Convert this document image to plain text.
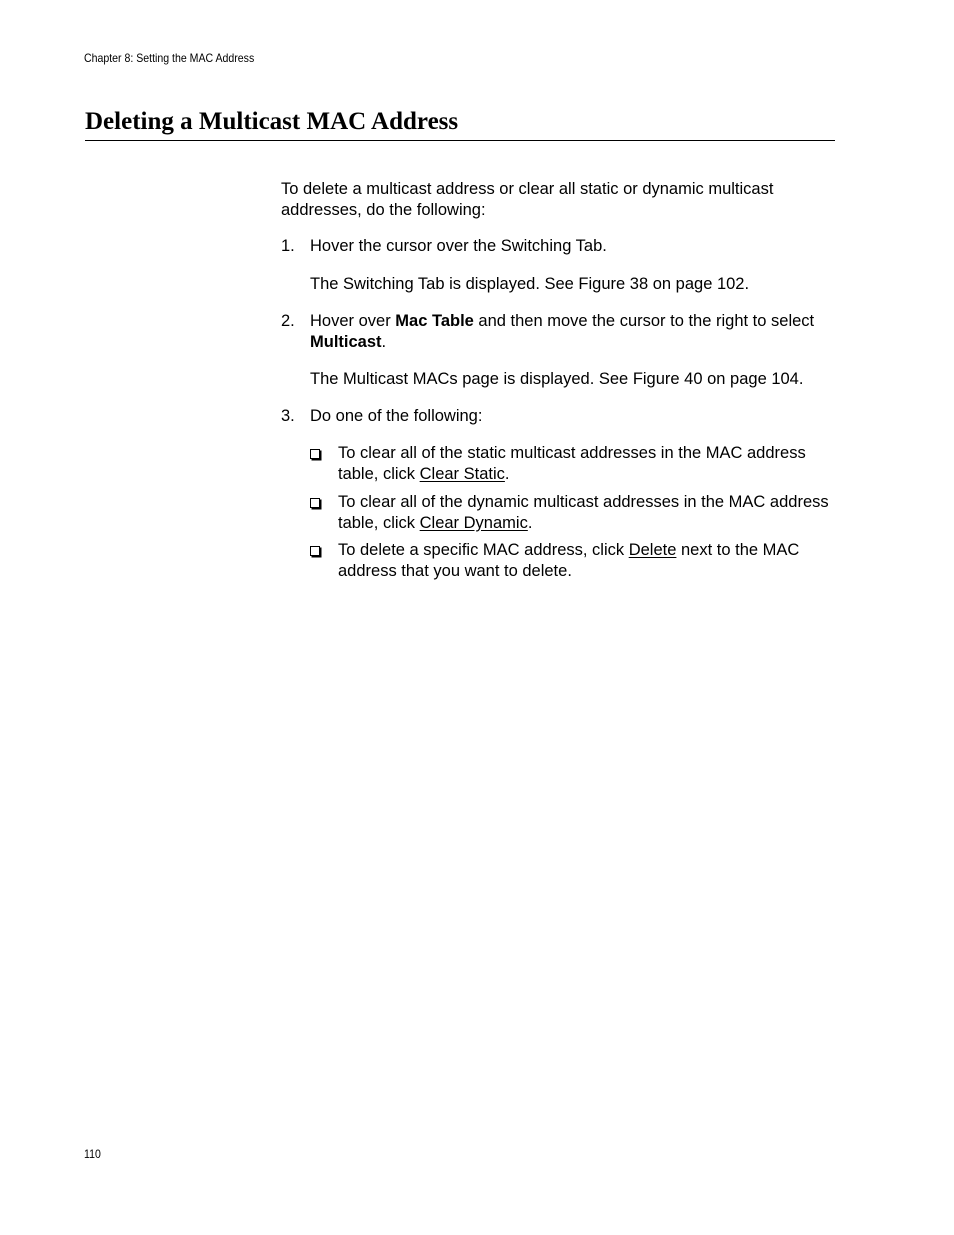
Chapter 8: Setting the MAC Address
Deleting a Multicast MAC Address

To delete a multicast address or clear all static or dynamic multicast addresses, do the following:

1. Hover the cursor over the Switching Tab.

The Switching Tab is displayed. See Figure 38 on page 102.

2. Hover over Mac Table and then move the cursor to the right to select Multicast.

The Multicast MACs page is displayed. See Figure 40 on page 104.

3. Do one of the following:

To clear all of the static multicast addresses in the MAC address table, click Clear Static.

To clear all of the dynamic multicast addresses in the MAC address table, click Clear Dynamic.

To delete a specific MAC address, click Delete next to the MAC address that you want to delete.

110
